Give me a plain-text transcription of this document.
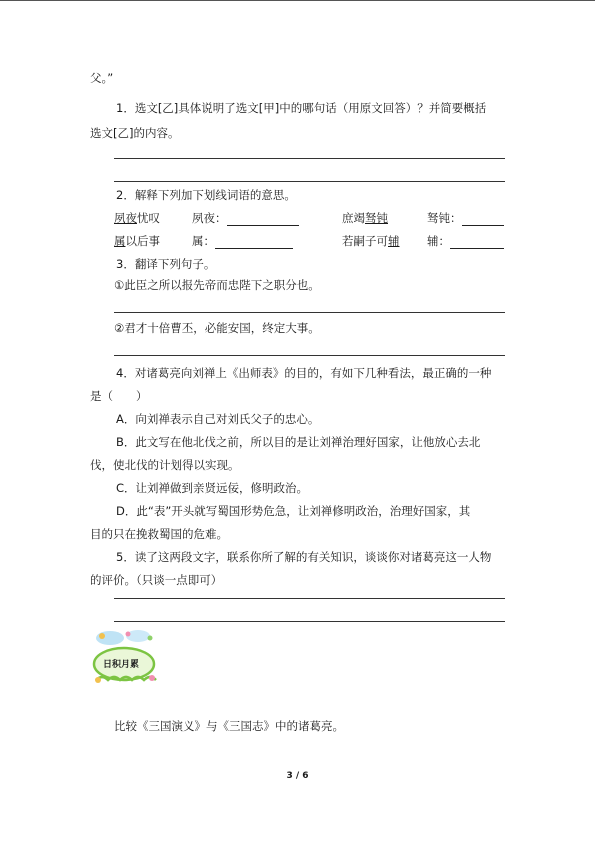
父。”
1．选文[乙]具体说明了选文[甲]中的哪句话（用原文回答）？并简要概括
选文[乙]的内容。
2．解释下列加下划线词语的意思。
夙夜忧叹	夙夜：	庶竭驽钝	驽钝：
属以后事	属：	若嗣子可辅 辅：
3．翻译下列句子。
①此臣之所以报先帝而忠陛下之职分也。
②君才十倍曹丕，必能安国，终定大事。
4．对诸葛亮向刘禅上《出师表》的目的，有如下几种看法，最正确的一种
是（　　）
A．向刘禅表示自己对刘氏父子的忠心。
B．此文写在他北伐之前，所以目的是让刘禅治理好国家，让他放心去北
伐，使北伐的计划得以实现。
C．让刘禅做到亲贤远佞，修明政治。
D．此“表”开头就写蜀国形势危急，让刘禅修明政治，治理好国家，其
目的只在挽救蜀国的危难。
5．读了这两段文字，联系你所了解的有关知识，谈谈你对诸葛亮这一人物
的评价。（只谈一点即可）
日积月累
比较《三国演义》与《三国志》中的诸葛亮。
3 / 6
